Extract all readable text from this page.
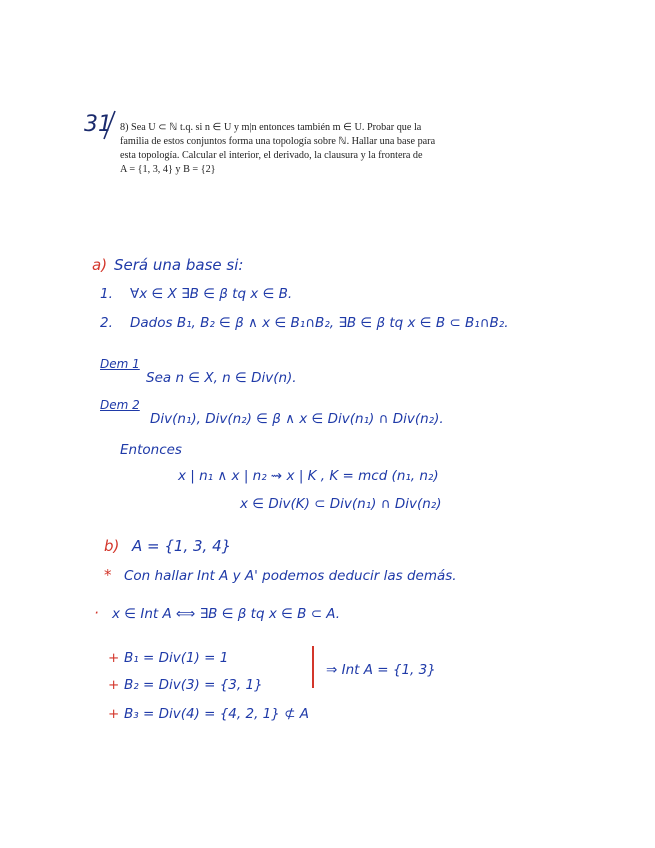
31 8) Sea U ⊂ ℕ t.q. si n ∈ U y m|n entonces también m ∈ U. Probar que la
familia de estos conjuntos forma una topología sobre ℕ. Hallar una base para
esta topología. Calcular el interior, el derivado, la clausura y la frontera de
A = {1, 3, 4} y B = {2}
a) Será una base si:
1. ∀x ∈ X ∃B ∈ β tq x ∈ B.
2. Dados B₁, B₂ ∈ β ∧ x ∈ B₁∩B₂, ∃B ∈ β tq x ∈ B ⊂ B₁∩B₂.
Dem 1
Sea n ∈ X, n ∈ Div(n).
Dem 2
Div(n₁), Div(n₂) ∈ β ∧ x ∈ Div(n₁) ∩ Div(n₂).
Entonces
x | n₁ ∧ x | n₂ ⇝ x | K , K = mcd (n₁, n₂)
x ∈ Div(K) ⊂ Div(n₁) ∩ Div(n₂)
b) A = {1, 3, 4}
* Con hallar Int A y A' podemos deducir las demás.
· x ∈ Int A ⟺ ∃B ∈ β tq x ∈ B ⊂ A.
+ B₁ = Div(1) = 1
+ B₂ = Div(3) = {3, 1}
+ B₃ = Div(4) = {4, 2, 1} ⊄ A
⇒ Int A = {1, 3}
